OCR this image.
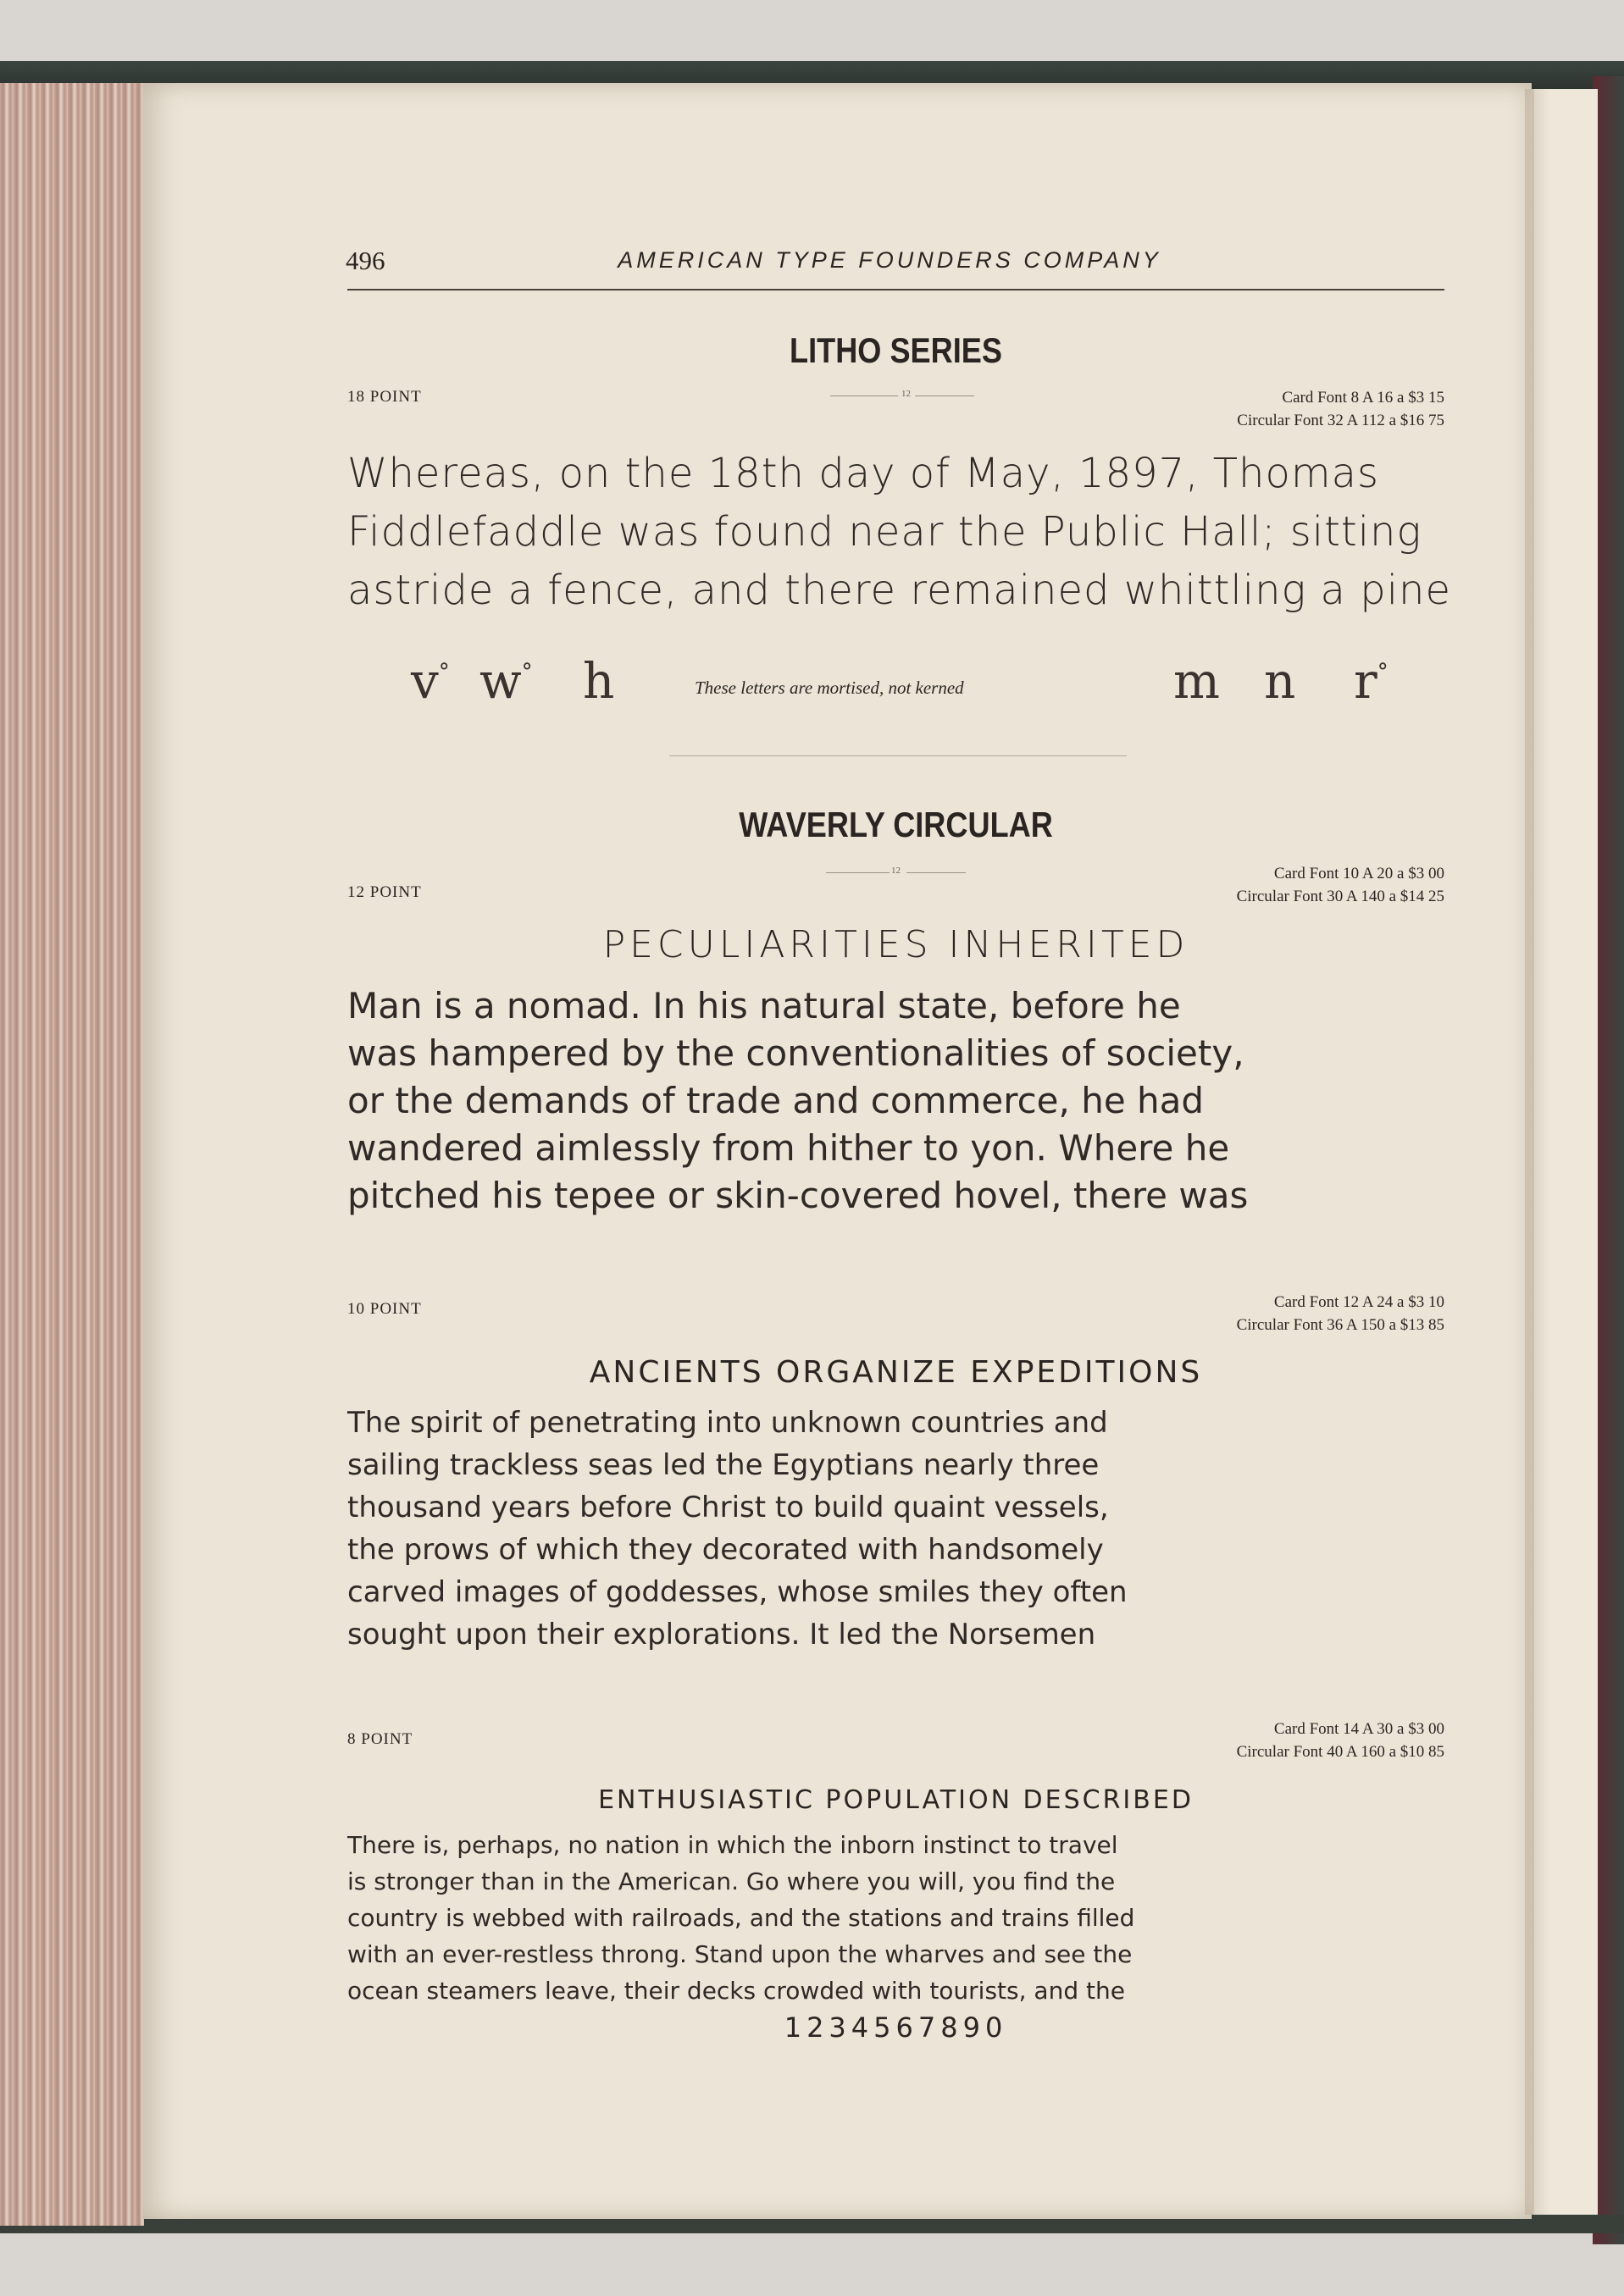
496	AMERICAN TYPE FOUNDERS COMPANY
LITHO SERIES
18 POINT	12	Card Font 8 A 16 a $3 15
Circular Font 32 A 112 a $16 75
Whereas, on the 18th day of May, 1897, Thomas
Fiddlefaddle was found near the Public Hall; sitting
astride a fence, and there remained whittling a pine
v° w° h	These letters are mortised, not kerned	m n r°
WAVERLY CIRCULAR
12
12 POINT
Card Font 10 A 20 a $3 00
Circular Font 30 A 140 a $14 25
PECULIARITIES INHERITED
Man is a nomad. In his natural state, before he
was hampered by the conventionalities of society,
or the demands of trade and commerce, he had
wandered aimlessly from hither to yon. Where he
pitched his tepee or skin-covered hovel, there was
10 POINT	Card Font 12 A 24 a $3 10
Circular Font 36 A 150 a $13 85
ANCIENTS ORGANIZE EXPEDITIONS
The spirit of penetrating into unknown countries and
sailing trackless seas led the Egyptians nearly three
thousand years before Christ to build quaint vessels,
the prows of which they decorated with handsomely
carved images of goddesses, whose smiles they often
sought upon their explorations. It led the Norsemen
8 POINT
Card Font 14 A 30 a $3 00
Circular Font 40 A 160 a $10 85
ENTHUSIASTIC POPULATION DESCRIBED
There is, perhaps, no nation in which the inborn instinct to travel
is stronger than in the American. Go where you will, you find the
country is webbed with railroads, and the stations and trains filled
with an ever-restless throng. Stand upon the wharves and see the
ocean steamers leave, their decks crowded with tourists, and the
1234567890
